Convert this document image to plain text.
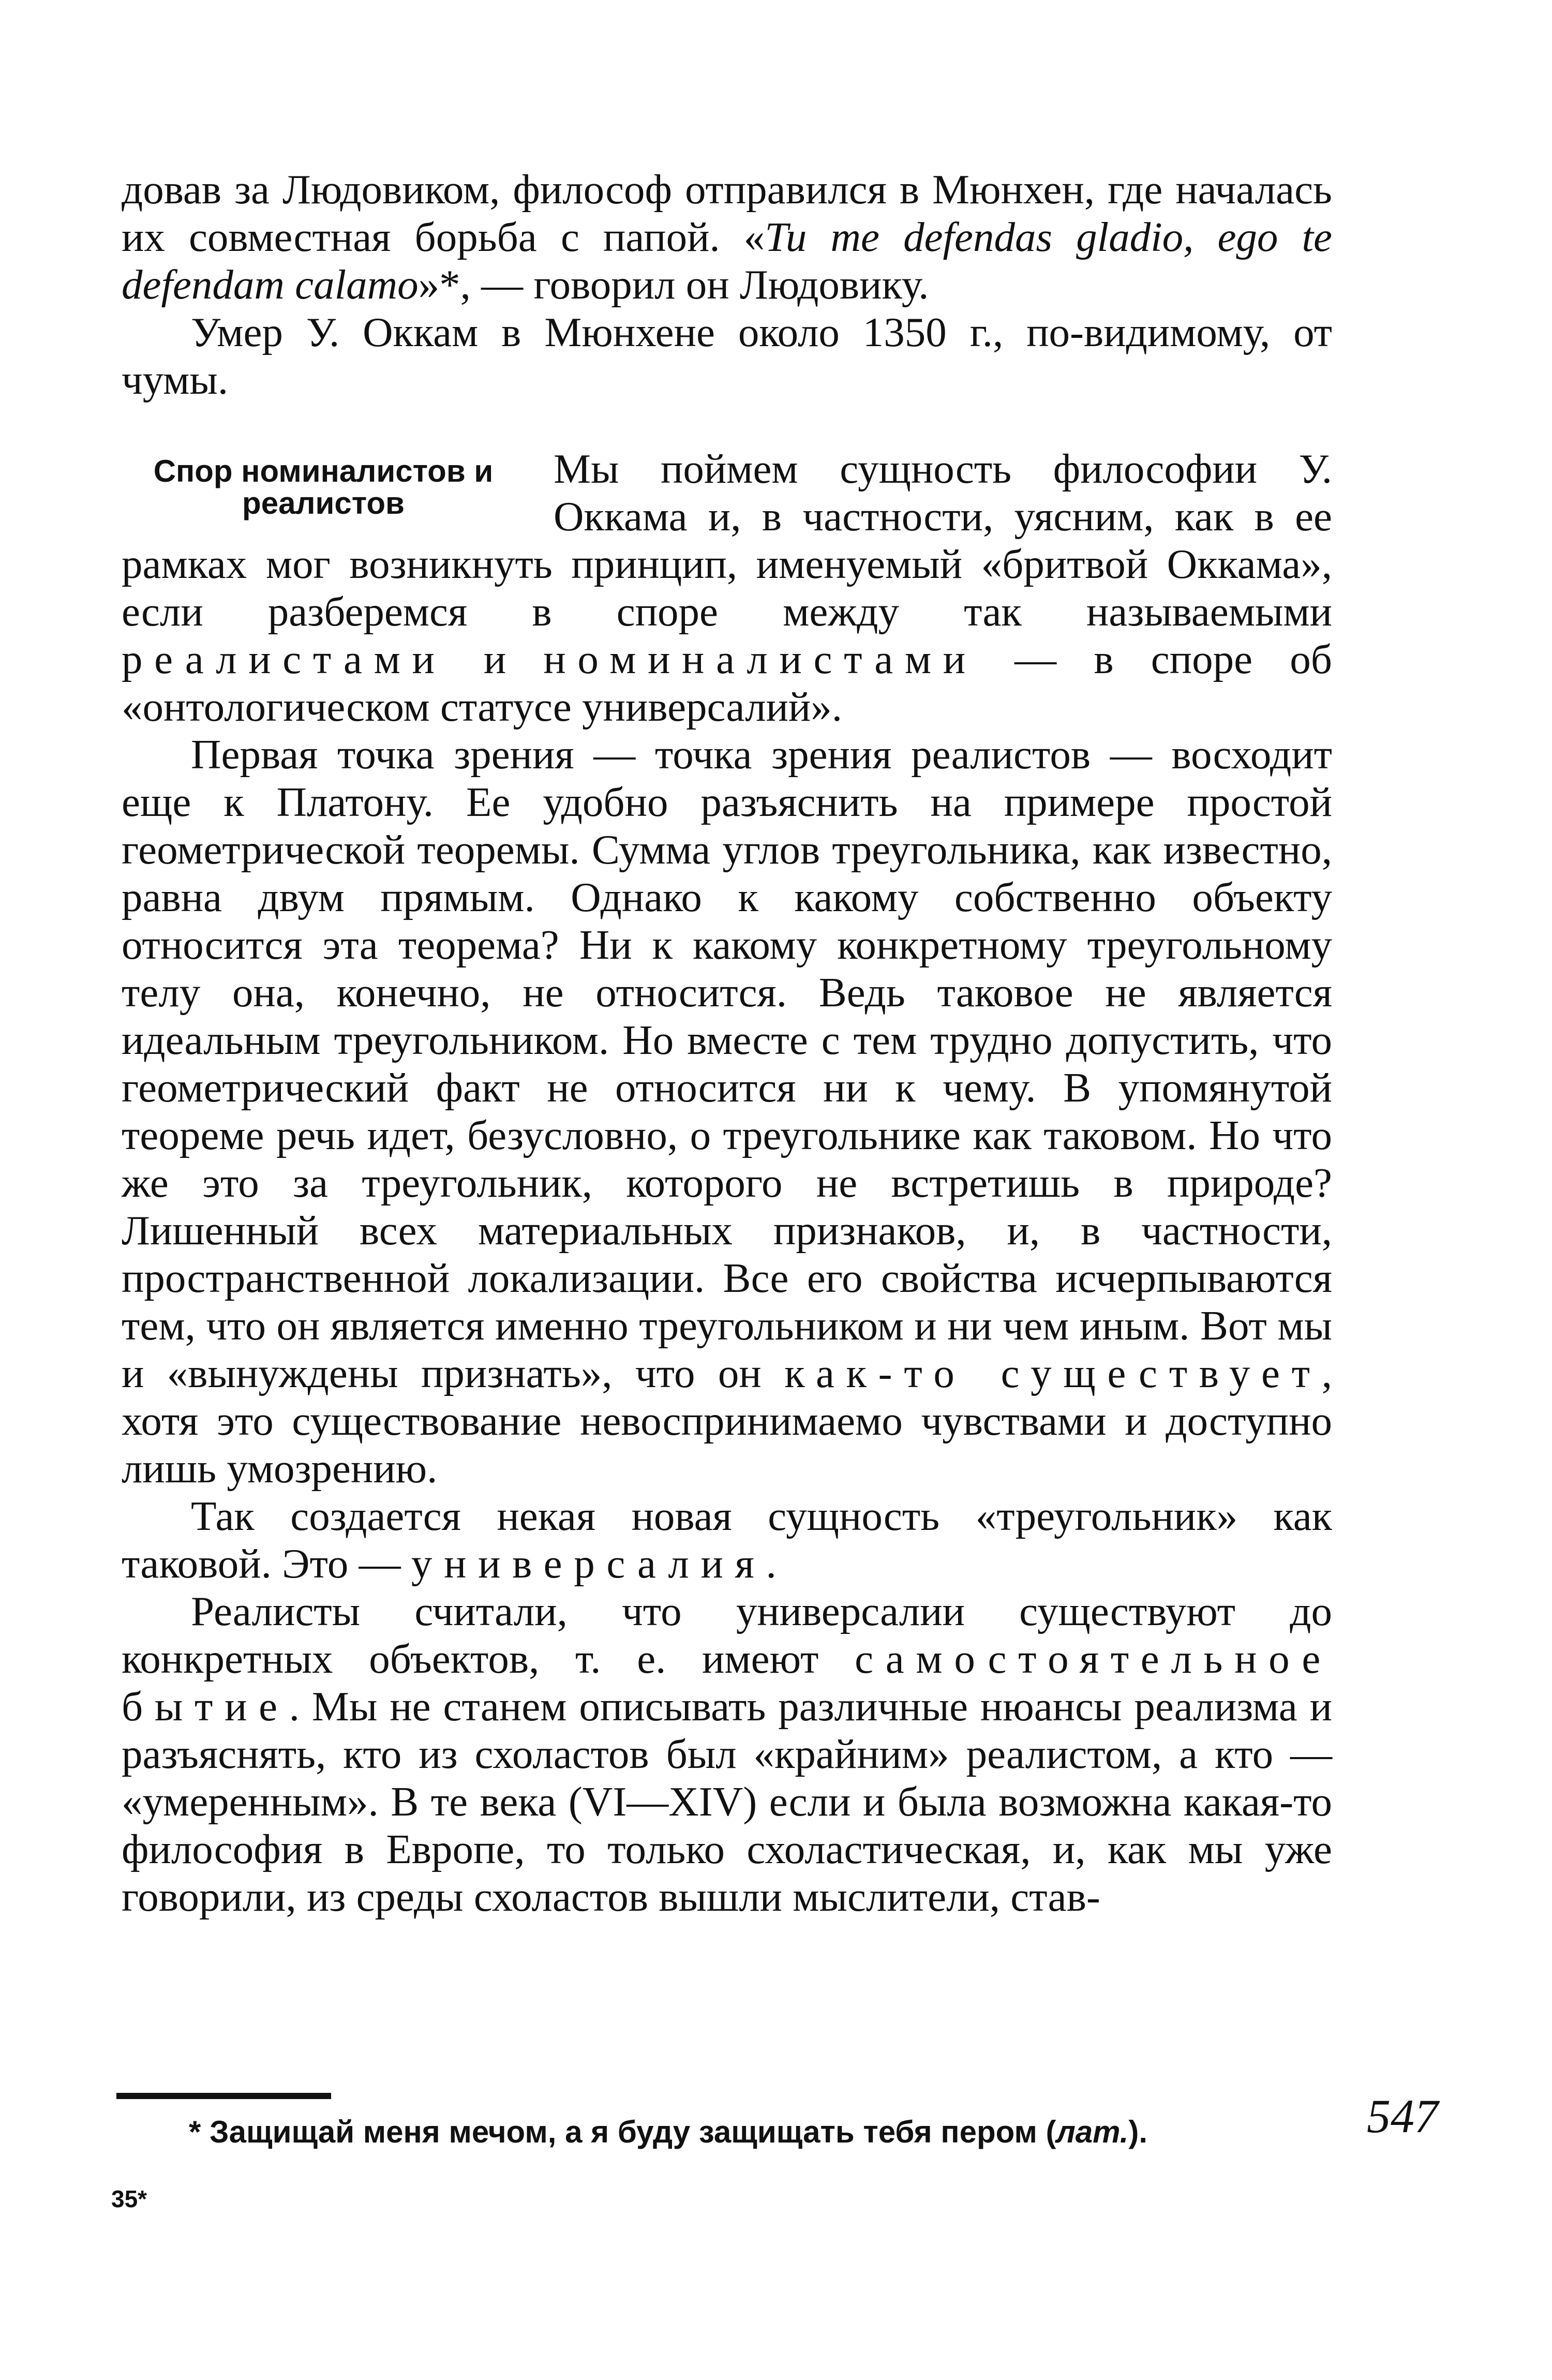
довав за Людовиком, философ отправился в Мюнхен, где началась их совместная борьба с папой. «Tu me defendas gladio, ego te defendam calamo»*, — говорил он Людовику.

Умер У. Оккам в Мюнхене около 1350 г., по-видимому, от чумы.

Спор номиналистов и реалистов
Мы поймем сущность философии У. Оккама и, в частности, уясним, как в ее рамках мог возникнуть принцип, именуемый «бритвой Оккама», если разберемся в споре между так называемыми реалистами и номиналистами — в споре об «онтологическом статусе универсалий».

Первая точка зрения — точка зрения реалистов — восходит еще к Платону. Ее удобно разъяснить на примере простой геометрической теоремы. Сумма углов треугольника, как известно, равна двум прямым. Однако к какому собственно объекту относится эта теорема? Ни к какому конкретному треугольному телу она, конечно, не относится. Ведь таковое не является идеальным треугольником. Но вместе с тем трудно допустить, что геометрический факт не относится ни к чему. В упомянутой теореме речь идет, безусловно, о треугольнике как таковом. Но что же это за треугольник, которого не встретишь в природе? Лишенный всех материальных признаков, и, в частности, пространственной локализации. Все его свойства исчерпываются тем, что он является именно треугольником и ни чем иным. Вот мы и «вынуждены признать», что он как-то существует, хотя это существование невоспринимаемо чувствами и доступно лишь умозрению.

Так создается некая новая сущность «треугольник» как таковой. Это — универсалия.

Реалисты считали, что универсалии существуют до конкретных объектов, т. е. имеют самостоятельное бытие. Мы не станем описывать различные нюансы реализма и разъяснять, кто из схоластов был «крайним» реалистом, а кто — «умеренным». В те века (VI—XIV) если и была возможна какая-то философия в Европе, то только схоластическая, и, как мы уже говорили, из среды схоластов вышли мыслители, став-

* Защищай меня мечом, а я буду защищать тебя пером (лат.).	547
35*
